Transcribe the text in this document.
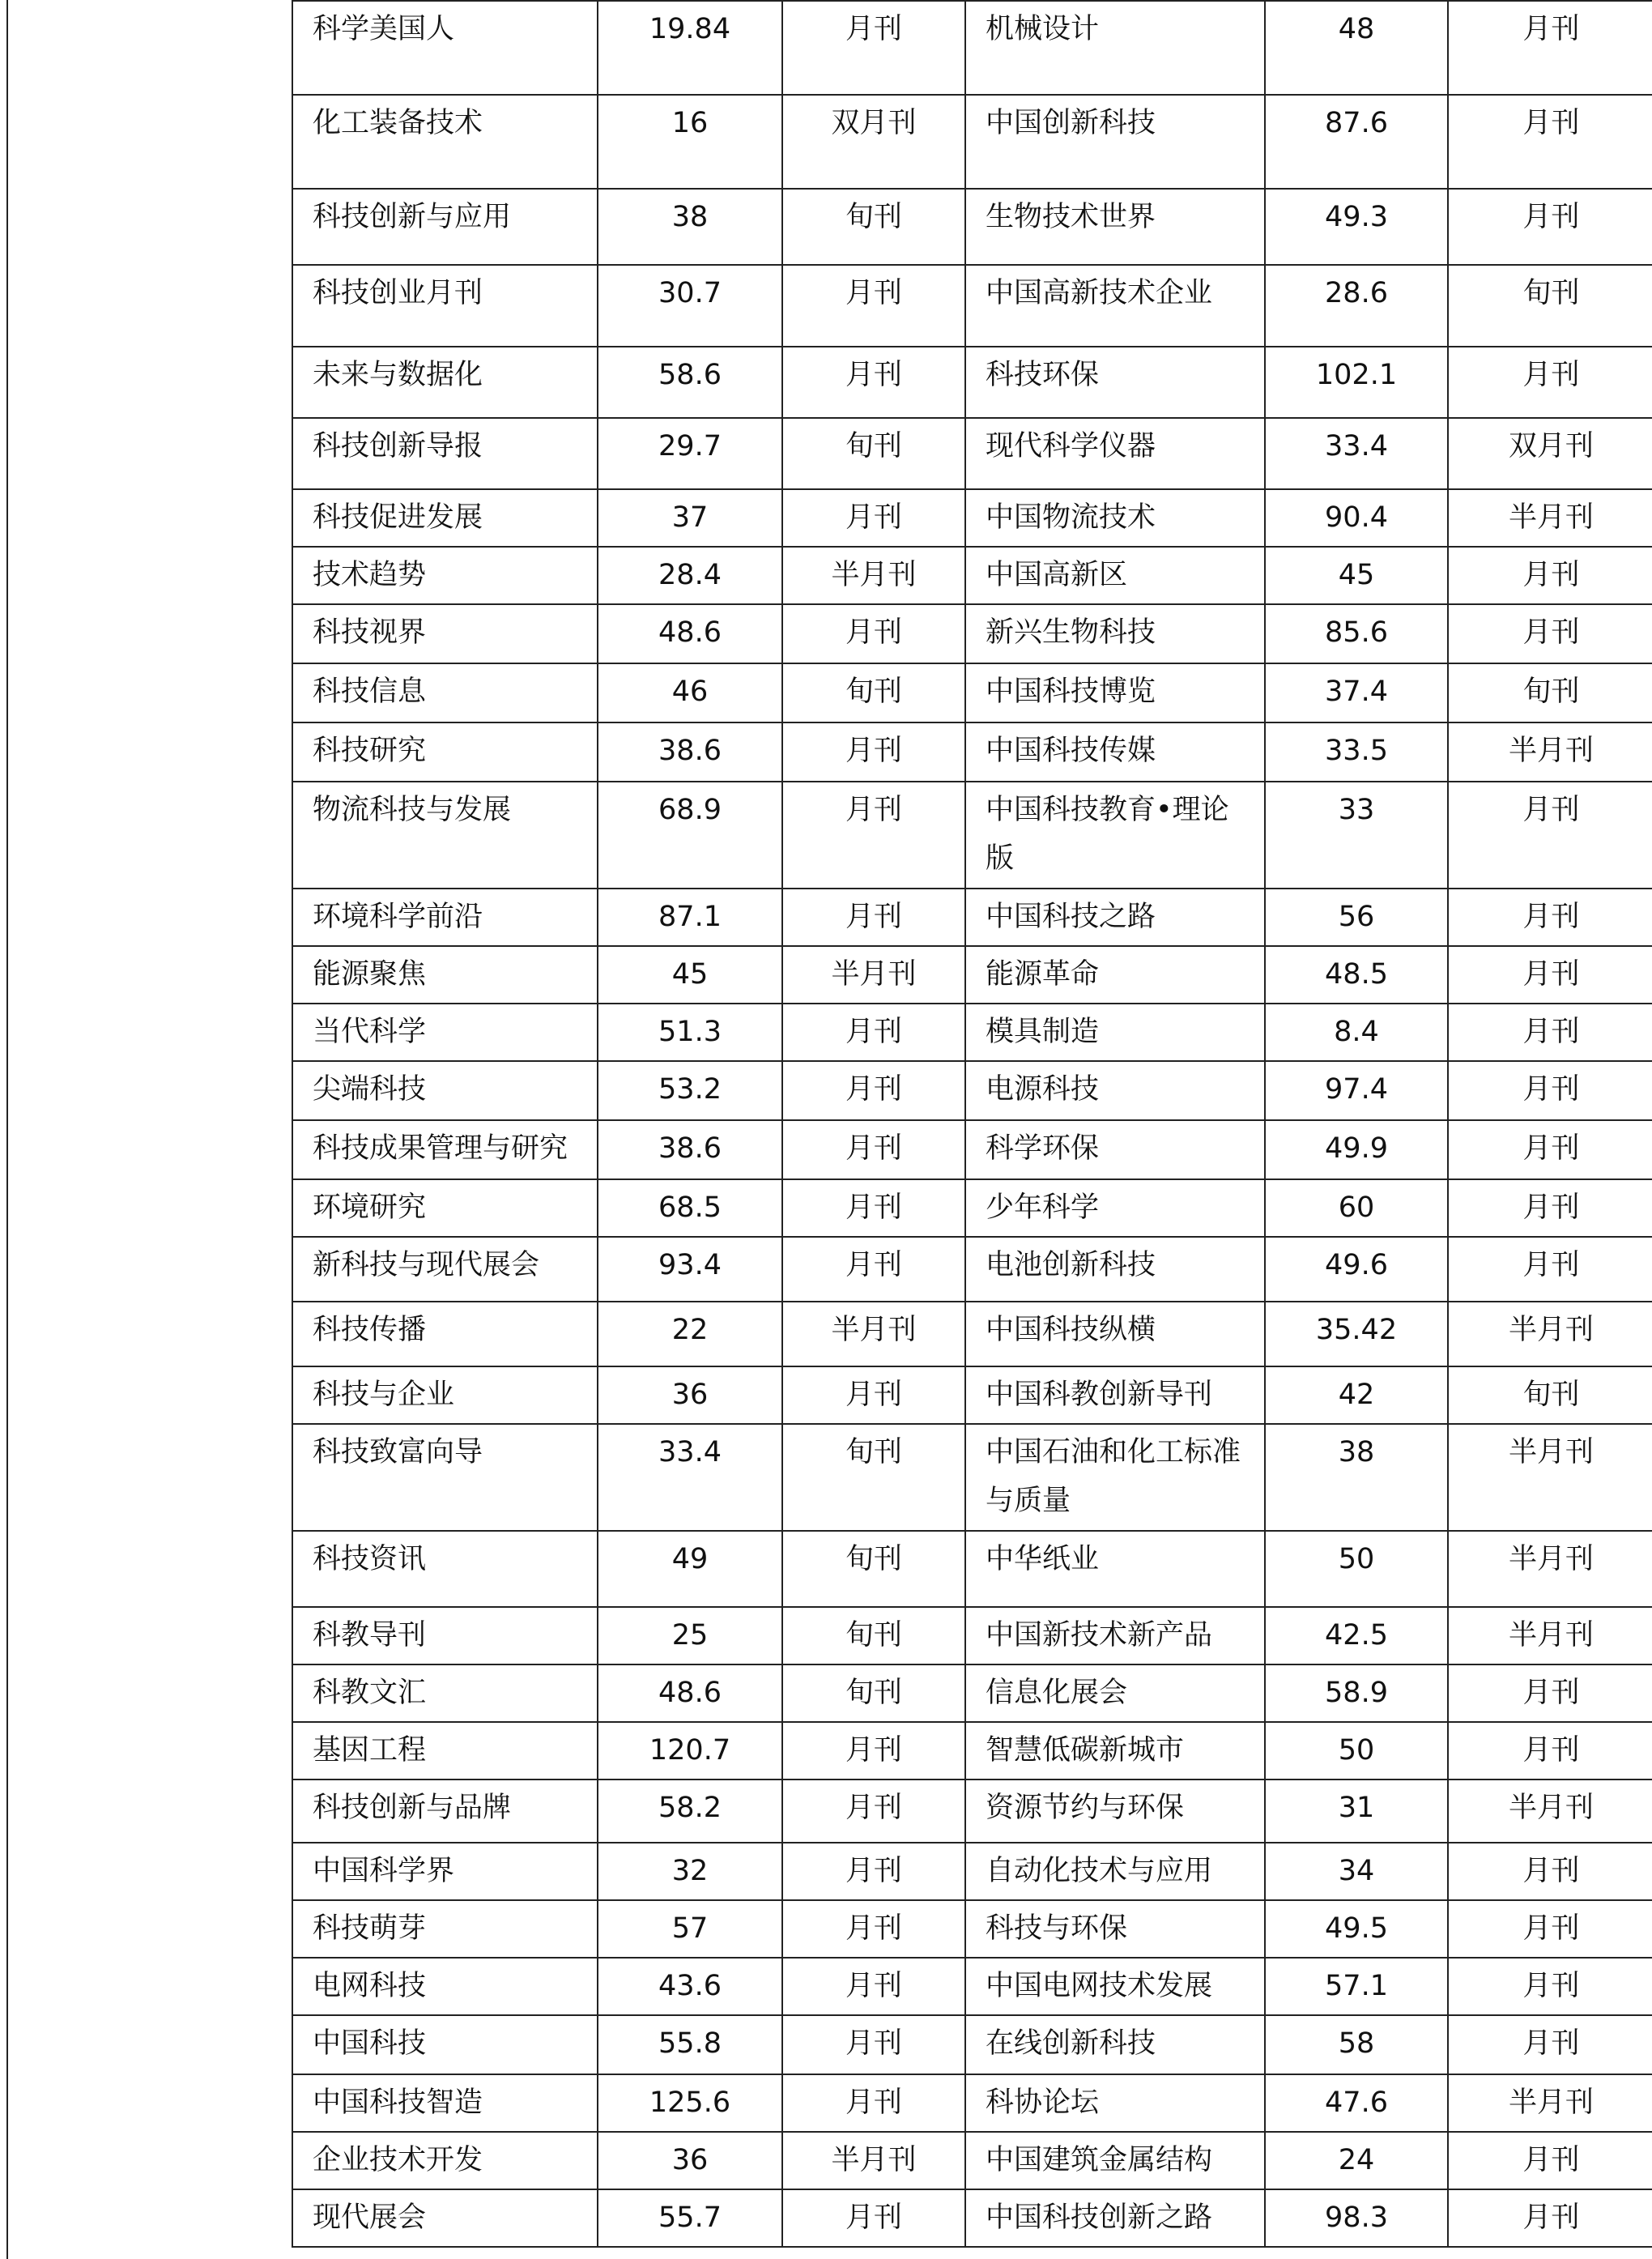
科学美国人	19.84	月刊	机械设计	48	月刊
化工装备技术	16	双月刊	中国创新科技	87.6	月刊
科技创新与应用	38	旬刊	生物技术世界	49.3	月刊
科技创业月刊	30.7	月刊	中国高新技术企业	28.6	旬刊
未来与数据化	58.6	月刊	科技环保	102.1	月刊
科技创新导报	29.7	旬刊	现代科学仪器	33.4	双月刊
科技促进发展	37	月刊	中国物流技术	90.4	半月刊
技术趋势	28.4	半月刊	中国高新区	45	月刊
科技视界	48.6	月刊	新兴生物科技	85.6	月刊
科技信息	46	旬刊	中国科技博览	37.4	旬刊
科技研究	38.6	月刊	中国科技传媒	33.5	半月刊
物流科技与发展	68.9	月刊	中国科技教育•理论版	33	月刊
环境科学前沿	87.1	月刊	中国科技之路	56	月刊
能源聚焦	45	半月刊	能源革命	48.5	月刊
当代科学	51.3	月刊	模具制造	8.4	月刊
尖端科技	53.2	月刊	电源科技	97.4	月刊
科技成果管理与研究	38.6	月刊	科学环保	49.9	月刊
环境研究	68.5	月刊	少年科学	60	月刊
新科技与现代展会	93.4	月刊	电池创新科技	49.6	月刊
科技传播	22	半月刊	中国科技纵横	35.42	半月刊
科技与企业	36	月刊	中国科教创新导刊	42	旬刊
科技致富向导	33.4	旬刊	中国石油和化工标准与质量	38	半月刊
科技资讯	49	旬刊	中华纸业	50	半月刊
科教导刊	25	旬刊	中国新技术新产品	42.5	半月刊
科教文汇	48.6	旬刊	信息化展会	58.9	月刊
基因工程	120.7	月刊	智慧低碳新城市	50	月刊
科技创新与品牌	58.2	月刊	资源节约与环保	31	半月刊
中国科学界	32	月刊	自动化技术与应用	34	月刊
科技萌芽	57	月刊	科技与环保	49.5	月刊
电网科技	43.6	月刊	中国电网技术发展	57.1	月刊
中国科技	55.8	月刊	在线创新科技	58	月刊
中国科技智造	125.6	月刊	科协论坛	47.6	半月刊
企业技术开发	36	半月刊	中国建筑金属结构	24	月刊
现代展会	55.7	月刊	中国科技创新之路	98.3	月刊
